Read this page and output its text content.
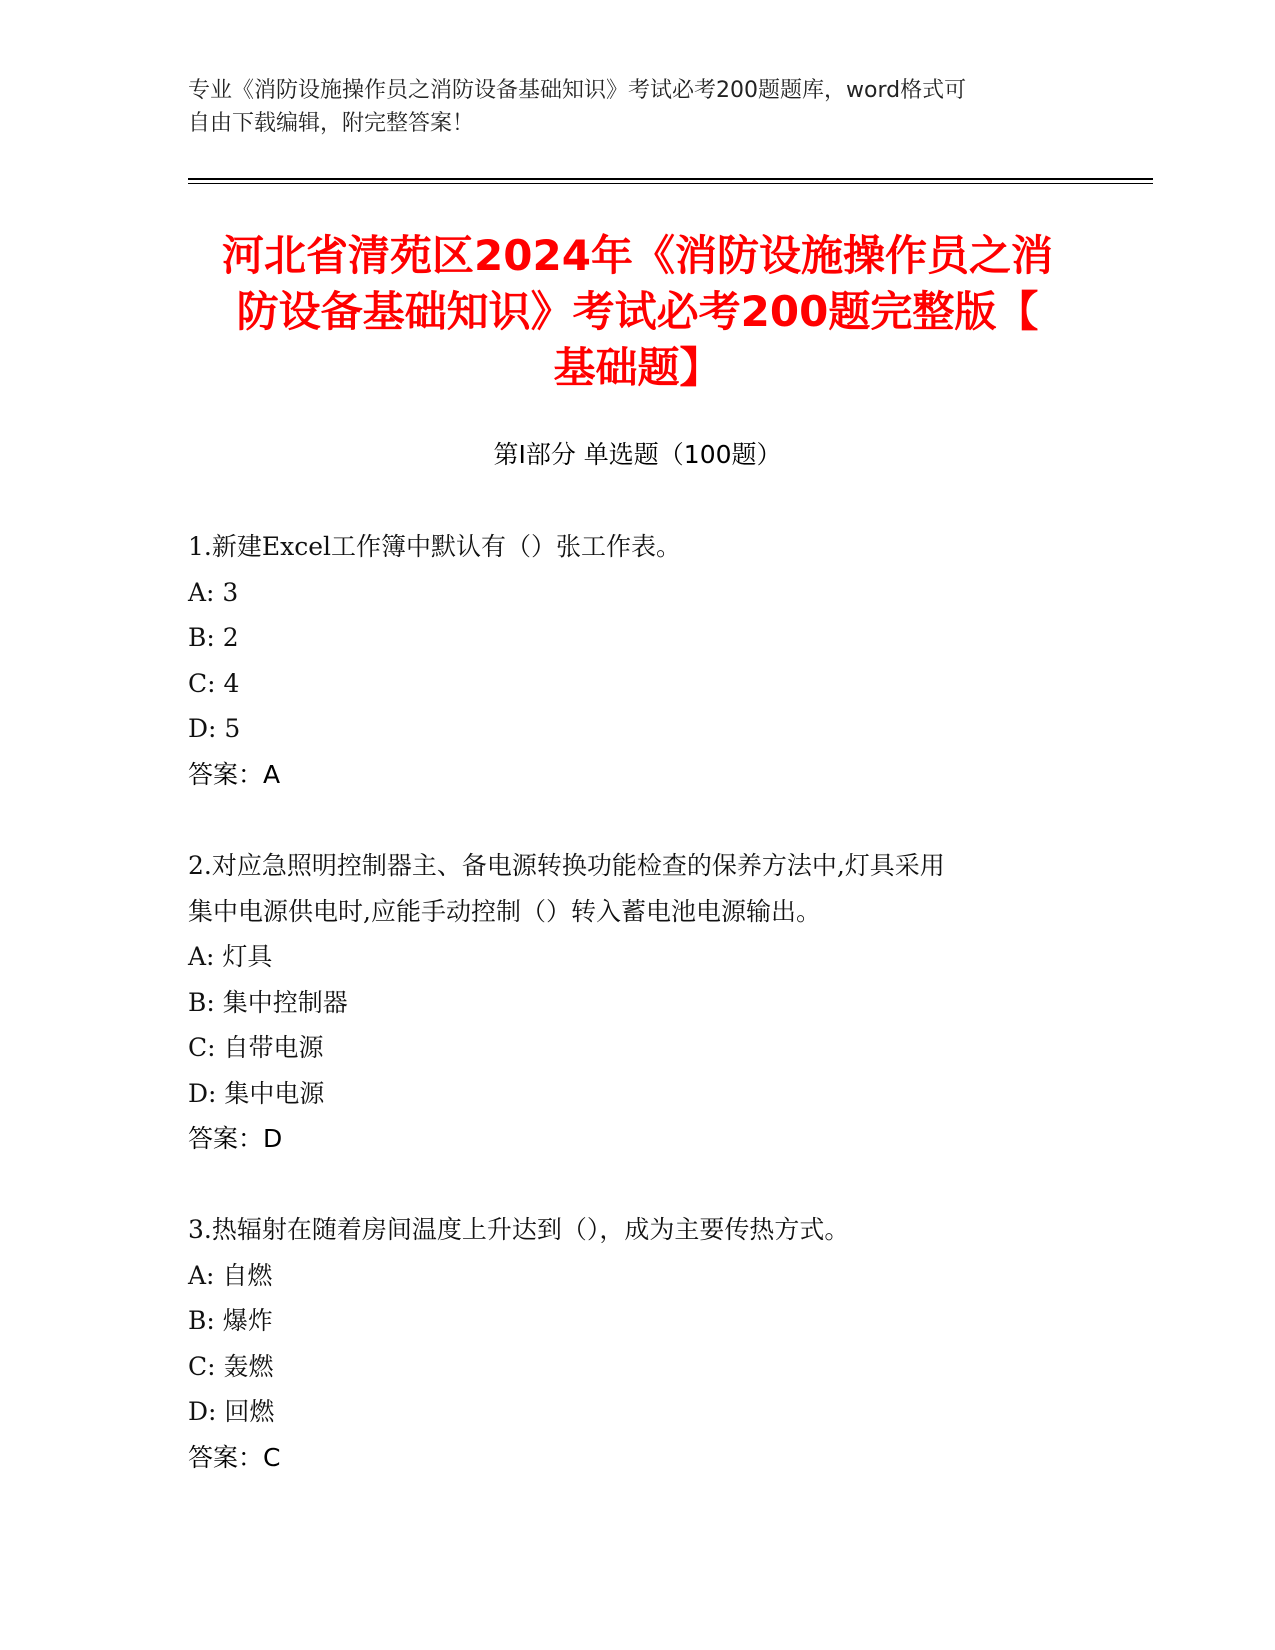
专业《消防设施操作员之消防设备基础知识》考试必考200题题库，word格式可
自由下载编辑，附完整答案！
河北省清苑区2024年《消防设施操作员之消
防设备基础知识》考试必考200题完整版【
基础题】
第I部分 单选题（100题）
1.新建Excel工作簿中默认有（）张工作表。
A: 3
B: 2
C: 4
D: 5
答案：A
2.对应急照明控制器主、备电源转换功能检查的保养方法中,灯具采用
集中电源供电时,应能手动控制（）转入蓄电池电源输出。
A: 灯具
B: 集中控制器
C: 自带电源
D: 集中电源
答案：D
3.热辐射在随着房间温度上升达到（），成为主要传热方式。
A: 自燃
B: 爆炸
C: 轰燃
D: 回燃
答案：C
